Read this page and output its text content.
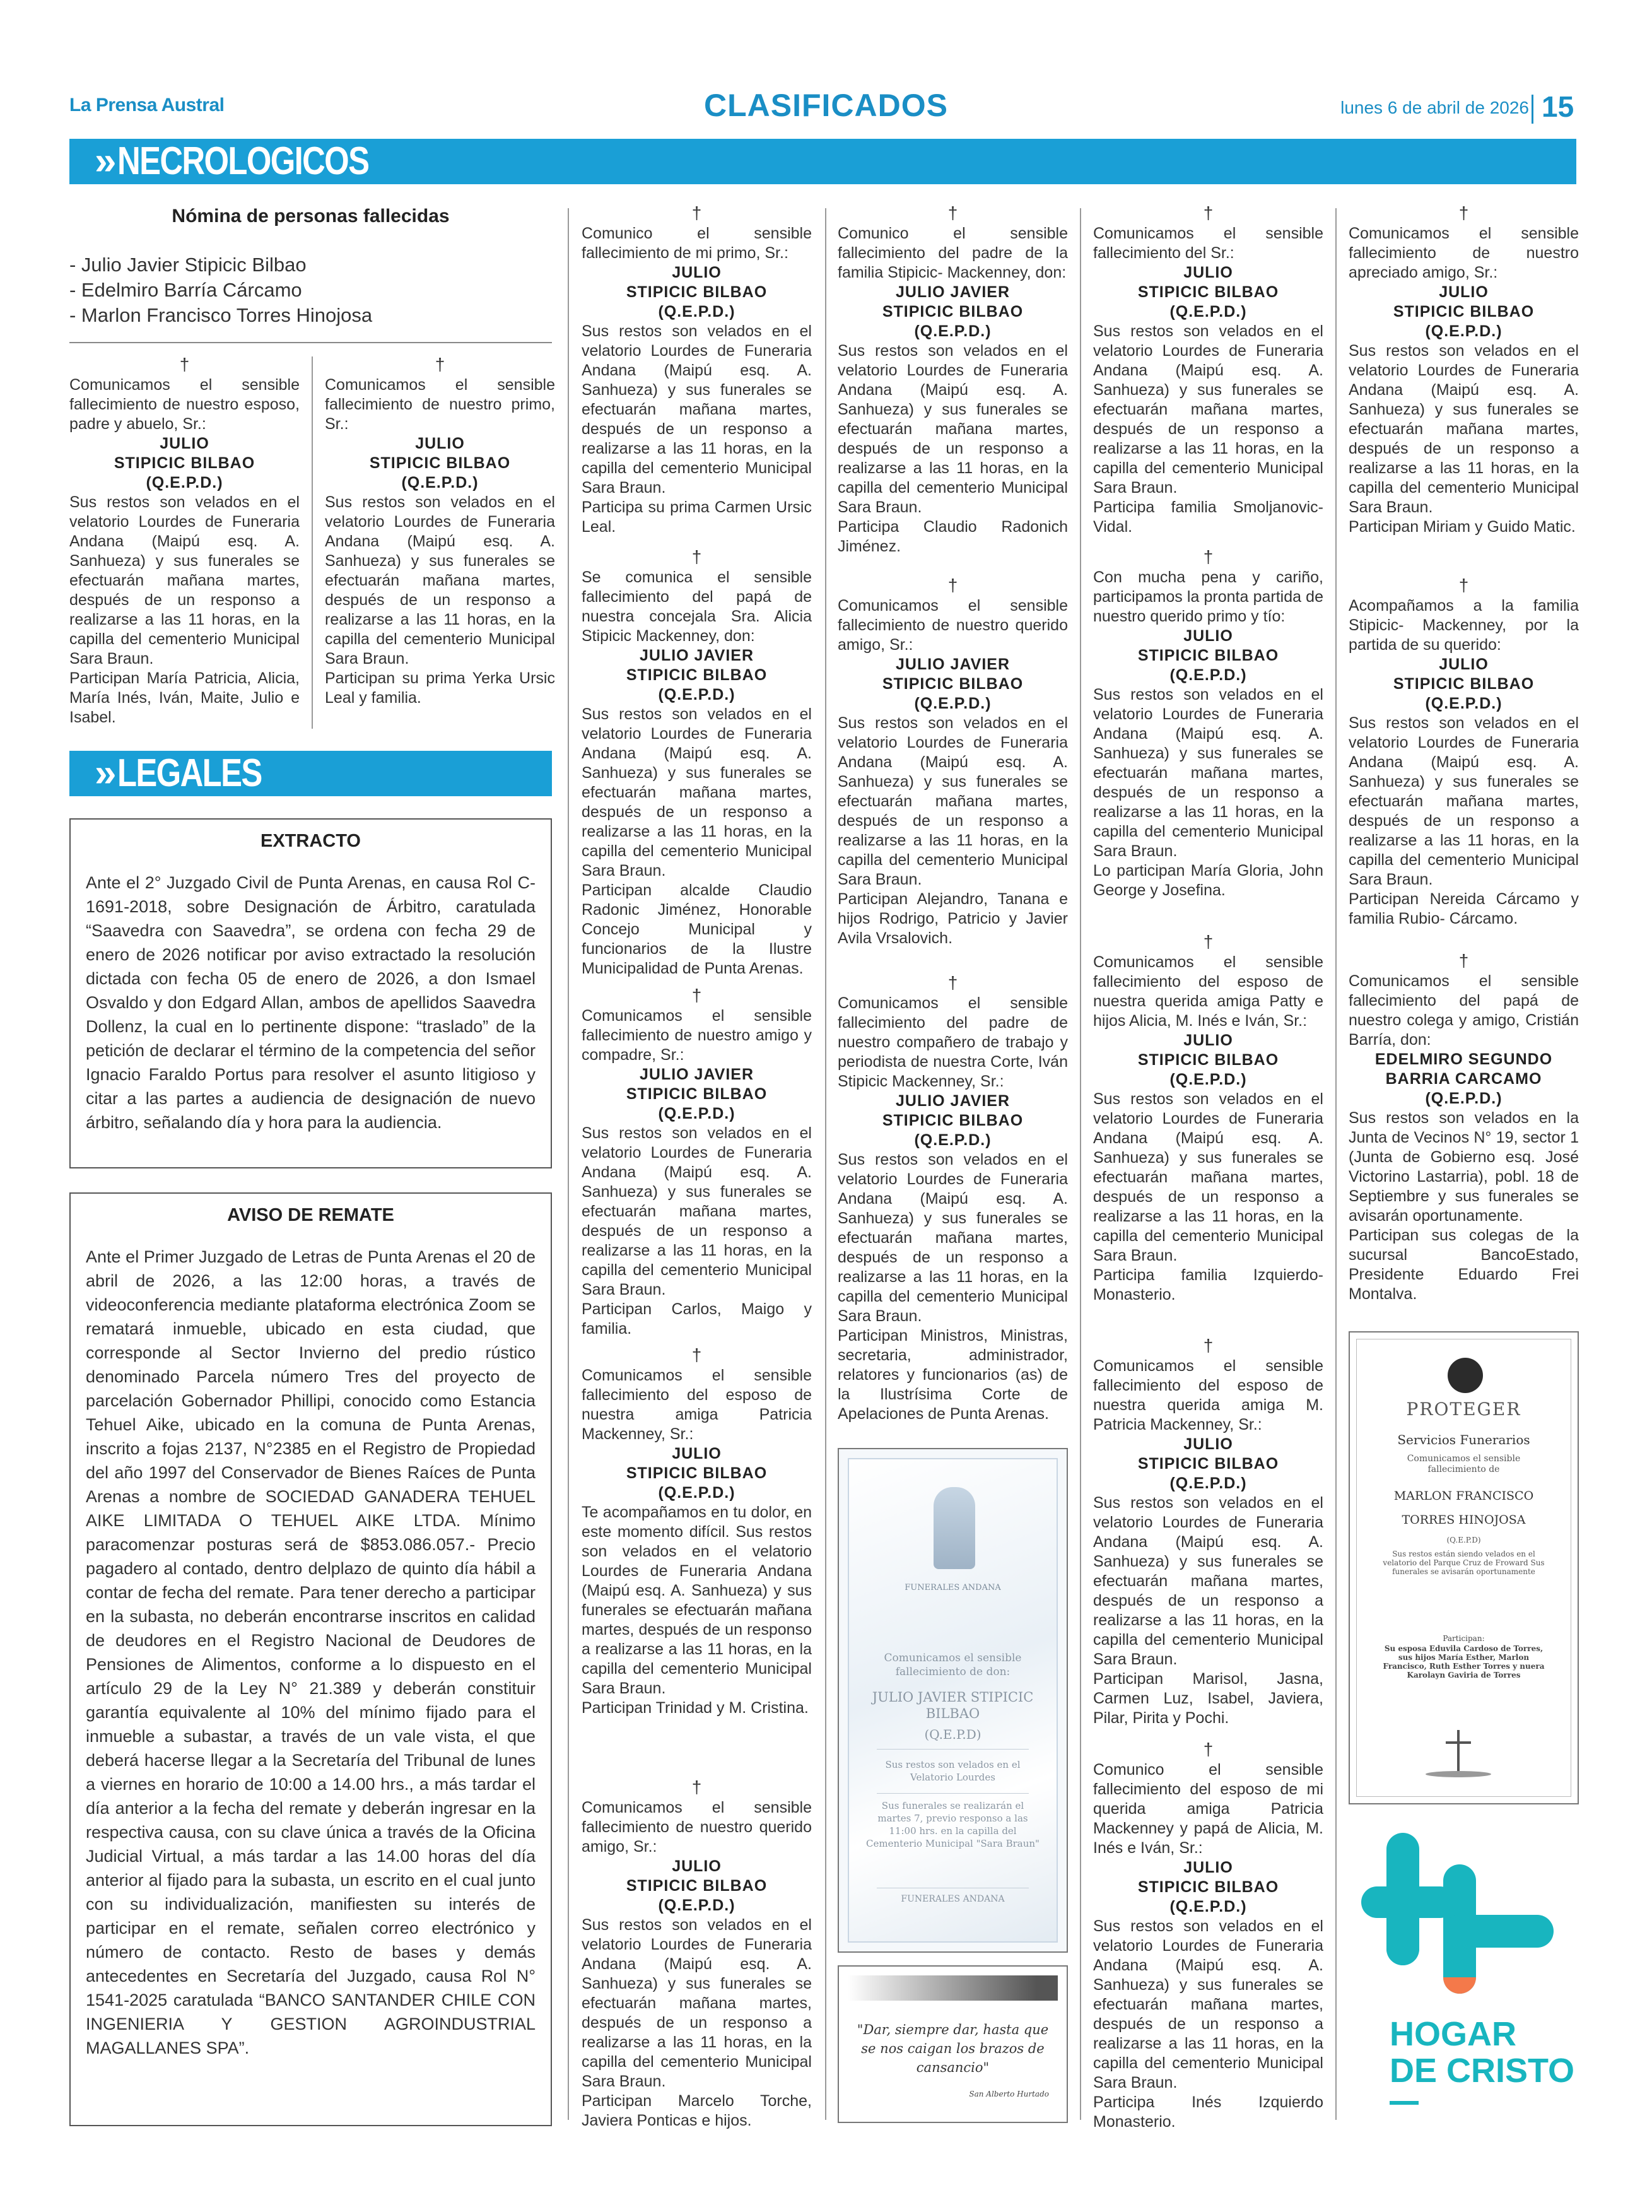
La Prensa Austral	CLASIFICADOS	lunes 6 de abril de 2026 15
» NECROLOGICOS
Nómina de personas fallecidas
- Julio Javier Stipicic Bilbao
- Edelmiro Barría Cárcamo
- Marlon Francisco Torres Hinojosa
†

Comunicamos el sensible fallecimiento de nuestro esposo, padre y abuelo, Sr.:

JULIO
STIPICIC BILBAO
(Q.E.P.D.)

Sus restos son velados en el velatorio Lourdes de Funeraria Andana (Maipú esq. A. Sanhueza) y sus funerales se efectuarán mañana martes, después de un responso a realizarse a las 11 horas, en la capilla del cementerio Municipal Sara Braun.

Participan María Patricia, Alicia, María Inés, Iván, Maite, Julio e Isabel.

†

Comunicamos el sensible fallecimiento de nuestro primo, Sr.:

JULIO
STIPICIC BILBAO
(Q.E.P.D.)

Sus restos son velados en el velatorio Lourdes de Funeraria Andana (Maipú esq. A. Sanhueza) y sus funerales se efectuarán mañana martes, después de un responso a realizarse a las 11 horas, en la capilla del cementerio Municipal Sara Braun.

Participan su prima Yerka Ursic Leal y familia.

†

Comunico el sensible fallecimiento de mi primo, Sr.:

JULIO
STIPICIC BILBAO
(Q.E.P.D.)

Sus restos son velados en el velatorio Lourdes de Funeraria Andana (Maipú esq. A. Sanhueza) y sus funerales se efectuarán mañana martes, después de un responso a realizarse a las 11 horas, en la capilla del cementerio Municipal Sara Braun.

Participa su prima Carmen Ursic Leal.

†

Se comunica el sensible fallecimiento del papá de nuestra concejala Sra. Alicia Stipicic Mackenney, don:

JULIO JAVIER
STIPICIC BILBAO
(Q.E.P.D.)

Sus restos son velados en el velatorio Lourdes de Funeraria Andana (Maipú esq. A. Sanhueza) y sus funerales se efectuarán mañana martes, después de un responso a realizarse a las 11 horas, en la capilla del cementerio Municipal Sara Braun.

Participan alcalde Claudio Radonic Jiménez, Honorable Concejo Municipal y funcionarios de la Ilustre Municipalidad de Punta Arenas.

†

Comunicamos el sensible fallecimiento de nuestro amigo y compadre, Sr.:

JULIO JAVIER
STIPICIC BILBAO
(Q.E.P.D.)

Sus restos son velados en el velatorio Lourdes de Funeraria Andana (Maipú esq. A. Sanhueza) y sus funerales se efectuarán mañana martes, después de un responso a realizarse a las 11 horas, en la capilla del cementerio Municipal Sara Braun.

Participan Carlos, Maigo y familia.

†

Comunicamos el sensible fallecimiento del esposo de nuestra amiga Patricia Mackenney, Sr.:

JULIO
STIPICIC BILBAO
(Q.E.P.D.)

Te acompañamos en tu dolor, en este momento difícil. Sus restos son velados en el velatorio Lourdes de Funeraria Andana (Maipú esq. A. Sanhueza) y sus funerales se efectuarán mañana martes, después de un responso a realizarse a las 11 horas, en la capilla del cementerio Municipal Sara Braun.

Participan Trinidad y M. Cristina.

†

Comunicamos el sensible fallecimiento de nuestro querido amigo, Sr.:

JULIO
STIPICIC BILBAO
(Q.E.P.D.)

Sus restos son velados en el velatorio Lourdes de Funeraria Andana (Maipú esq. A. Sanhueza) y sus funerales se efectuarán mañana martes, después de un responso a realizarse a las 11 horas, en la capilla del cementerio Municipal Sara Braun.

Participan Marcelo Torche, Javiera Ponticas e hijos.

†

Comunico el sensible fallecimiento del padre de la familia Stipicic- Mackenney, don:

JULIO JAVIER
STIPICIC BILBAO
(Q.E.P.D.)

Sus restos son velados en el velatorio Lourdes de Funeraria Andana (Maipú esq. A. Sanhueza) y sus funerales se efectuarán mañana martes, después de un responso a realizarse a las 11 horas, en la capilla del cementerio Municipal Sara Braun.

Participa Claudio Radonich Jiménez.

†

Comunicamos el sensible fallecimiento de nuestro querido amigo, Sr.:

JULIO JAVIER
STIPICIC BILBAO
(Q.E.P.D.)

Sus restos son velados en el velatorio Lourdes de Funeraria Andana (Maipú esq. A. Sanhueza) y sus funerales se efectuarán mañana martes, después de un responso a realizarse a las 11 horas, en la capilla del cementerio Municipal Sara Braun.

Participan Alejandro, Tanana e hijos Rodrigo, Patricio y Javier Avila Vrsalovich.

†

Comunicamos el sensible fallecimiento del padre de nuestro compañero de trabajo y periodista de nuestra Corte, Iván Stipicic Mackenney, Sr.:

JULIO JAVIER
STIPICIC BILBAO
(Q.E.P.D.)

Sus restos son velados en el velatorio Lourdes de Funeraria Andana (Maipú esq. A. Sanhueza) y sus funerales se efectuarán mañana martes, después de un responso a realizarse a las 11 horas, en la capilla del cementerio Municipal Sara Braun.

Participan Ministros, Ministras, secretaria, administrador, relatores y funcionarios (as) de la Ilustrísima Corte de Apelaciones de Punta Arenas.

†

Comunicamos el sensible fallecimiento del Sr.:

JULIO
STIPICIC BILBAO
(Q.E.P.D.)

Sus restos son velados en el velatorio Lourdes de Funeraria Andana (Maipú esq. A. Sanhueza) y sus funerales se efectuarán mañana martes, después de un responso a realizarse a las 11 horas, en la capilla del cementerio Municipal Sara Braun.

Participa familia Smoljanovic- Vidal.

†

Con mucha pena y cariño, participamos la pronta partida de nuestro querido primo y tío:

JULIO
STIPICIC BILBAO
(Q.E.P.D.)

Sus restos son velados en el velatorio Lourdes de Funeraria Andana (Maipú esq. A. Sanhueza) y sus funerales se efectuarán mañana martes, después de un responso a realizarse a las 11 horas, en la capilla del cementerio Municipal Sara Braun.

Lo participan María Gloria, John George y Josefina.

†

Comunicamos el sensible fallecimiento del esposo de nuestra querida amiga Patty e hijos Alicia, M. Inés e Iván, Sr.:

JULIO
STIPICIC BILBAO
(Q.E.P.D.)

Sus restos son velados en el velatorio Lourdes de Funeraria Andana (Maipú esq. A. Sanhueza) y sus funerales se efectuarán mañana martes, después de un responso a realizarse a las 11 horas, en la capilla del cementerio Municipal Sara Braun.

Participa familia Izquierdo-Monasterio.

†

Comunicamos el sensible fallecimiento del esposo de nuestra querida amiga M. Patricia Mackenney, Sr.:

JULIO
STIPICIC BILBAO
(Q.E.P.D.)

Sus restos son velados en el velatorio Lourdes de Funeraria Andana (Maipú esq. A. Sanhueza) y sus funerales se efectuarán mañana martes, después de un responso a realizarse a las 11 horas, en la capilla del cementerio Municipal Sara Braun.

Participan Marisol, Jasna, Carmen Luz, Isabel, Javiera, Pilar, Pirita y Pochi.

†

Comunico el sensible fallecimiento del esposo de mi querida amiga Patricia Mackenney y papá de Alicia, M. Inés e Iván, Sr.:

JULIO
STIPICIC BILBAO
(Q.E.P.D.)

Sus restos son velados en el velatorio Lourdes de Funeraria Andana (Maipú esq. A. Sanhueza) y sus funerales se efectuarán mañana martes, después de un responso a realizarse a las 11 horas, en la capilla del cementerio Municipal Sara Braun.

Participa Inés Izquierdo Monasterio.

†

Comunicamos el sensible fallecimiento de nuestro apreciado amigo, Sr.:

JULIO
STIPICIC BILBAO
(Q.E.P.D.)

Sus restos son velados en el velatorio Lourdes de Funeraria Andana (Maipú esq. A. Sanhueza) y sus funerales se efectuarán mañana martes, después de un responso a realizarse a las 11 horas, en la capilla del cementerio Municipal Sara Braun.

Participan Miriam y Guido Matic.

†

Acompañamos a la familia Stipicic- Mackenney, por la partida de su querido:

JULIO
STIPICIC BILBAO
(Q.E.P.D.)

Sus restos son velados en el velatorio Lourdes de Funeraria Andana (Maipú esq. A. Sanhueza) y sus funerales se efectuarán mañana martes, después de un responso a realizarse a las 11 horas, en la capilla del cementerio Municipal Sara Braun.

Participan Nereida Cárcamo y familia Rubio- Cárcamo.

†

Comunicamos el sensible fallecimiento del papá de nuestro colega y amigo, Cristián Barría, don:

EDELMIRO SEGUNDO
BARRIA CARCAMO
(Q.E.P.D.)

Sus restos son velados en la Junta de Vecinos N° 19, sector 1 (Junta de Gobierno esq. José Victorino Lastarria), pobl. 18 de Septiembre y sus funerales se avisarán oportunamente.

Participan sus colegas de la sucursal BancoEstado, Presidente Eduardo Frei Montalva.

» LEGALES
EXTRACTO
Ante el 2° Juzgado Civil de Punta Arenas, en causa Rol C-1691-2018, sobre Designación de Árbitro, caratulada “Saavedra con Saavedra”, se ordena con fecha 29 de enero de 2026 notificar por aviso extractado la resolución dictada con fecha 05 de enero de 2026, a don Ismael Osvaldo y don Edgard Allan, ambos de apellidos Saavedra Dollenz, la cual en lo pertinente dispone: “traslado” de la petición de declarar el término de la competencia del señor Ignacio Faraldo Portus para resolver el asunto litigioso y citar a las partes a audiencia de designación de nuevo árbitro, señalando día y hora para la audiencia.
AVISO DE REMATE
Ante el Primer Juzgado de Letras de Punta Arenas el 20 de abril de 2026, a las 12:00 horas, a través de videoconferencia mediante plataforma electrónica Zoom se rematará inmueble, ubicado en esta ciudad, que corresponde al Sector Invierno del predio rústico denominado Parcela número Tres del proyecto de parcelación Gobernador Phillipi, conocido como Estancia Tehuel Aike, ubicado en la comuna de Punta Arenas, inscrito a fojas 2137, N°2385 en el Registro de Propiedad del año 1997 del Conservador de Bienes Raíces de Punta Arenas a nombre de SOCIEDAD GANADERA TEHUEL AIKE LIMITADA O TEHUEL AIKE LTDA. Mínimo paracomenzar posturas será de $853.086.057.- Precio pagadero al contado, dentro delplazo de quinto día hábil a contar de fecha del remate. Para tener derecho a participar en la subasta, no deberán encontrarse inscritos en calidad de deudores en el Registro Nacional de Deudores de Pensiones de Alimentos, conforme a lo dispuesto en el artículo 29 de la Ley N° 21.389 y deberán constituir garantía equivalente al 10% del mínimo fijado para el inmueble a subastar, a través de un vale vista, el que deberá hacerse llegar a la Secretaría del Tribunal de lunes a viernes en horario de 10:00 a 14.00 hrs., a más tardar el día anterior a la fecha del remate y deberán ingresar en la respectiva causa, con su clave única a través de la Oficina Judicial Virtual, a más tardar a las 14.00 horas del día anterior al fijado para la subasta, un escrito en el cual junto con su individualización, manifiesten su interés de participar en el remate, señalen correo electrónico y número de contacto. Resto de bases y demás antecedentes en Secretaría del Juzgado, causa Rol N° 1541-2025 caratulada “BANCO SANTANDER CHILE CON INGENIERIA Y GESTION AGROINDUSTRIAL MAGALLANES SPA”.
FUNERALES ANDANA
Comunicamos el sensible fallecimiento de don:
JULIO JAVIER STIPICIC BILBAO
(Q.E.P.D)
Sus restos son velados en el Velatorio Lourdes
Sus funerales se realizarán el martes 7, previo responso a las 11:00 hrs. en la capilla del Cementerio Municipal "Sara Braun"
FUNERALES ANDANA
"Dar, siempre dar, hasta que se nos caigan los brazos de cansancio"
San Alberto Hurtado
PROTEGER
Servicios Funerarios
Comunicamos el sensible fallecimiento de
MARLON FRANCISCO
TORRES HINOJOSA
(Q.E.P.D)
Sus restos están siendo velados en el velatorio del Parque Cruz de Froward Sus funerales se avisarán oportunamente
Participan:
Su esposa Eduvila Cardoso de Torres, sus hijos María Esther, Marlon Francisco, Ruth Esther Torres y nuera Karolayn Gaviria de Torres
HOGAR
DE CRISTO
